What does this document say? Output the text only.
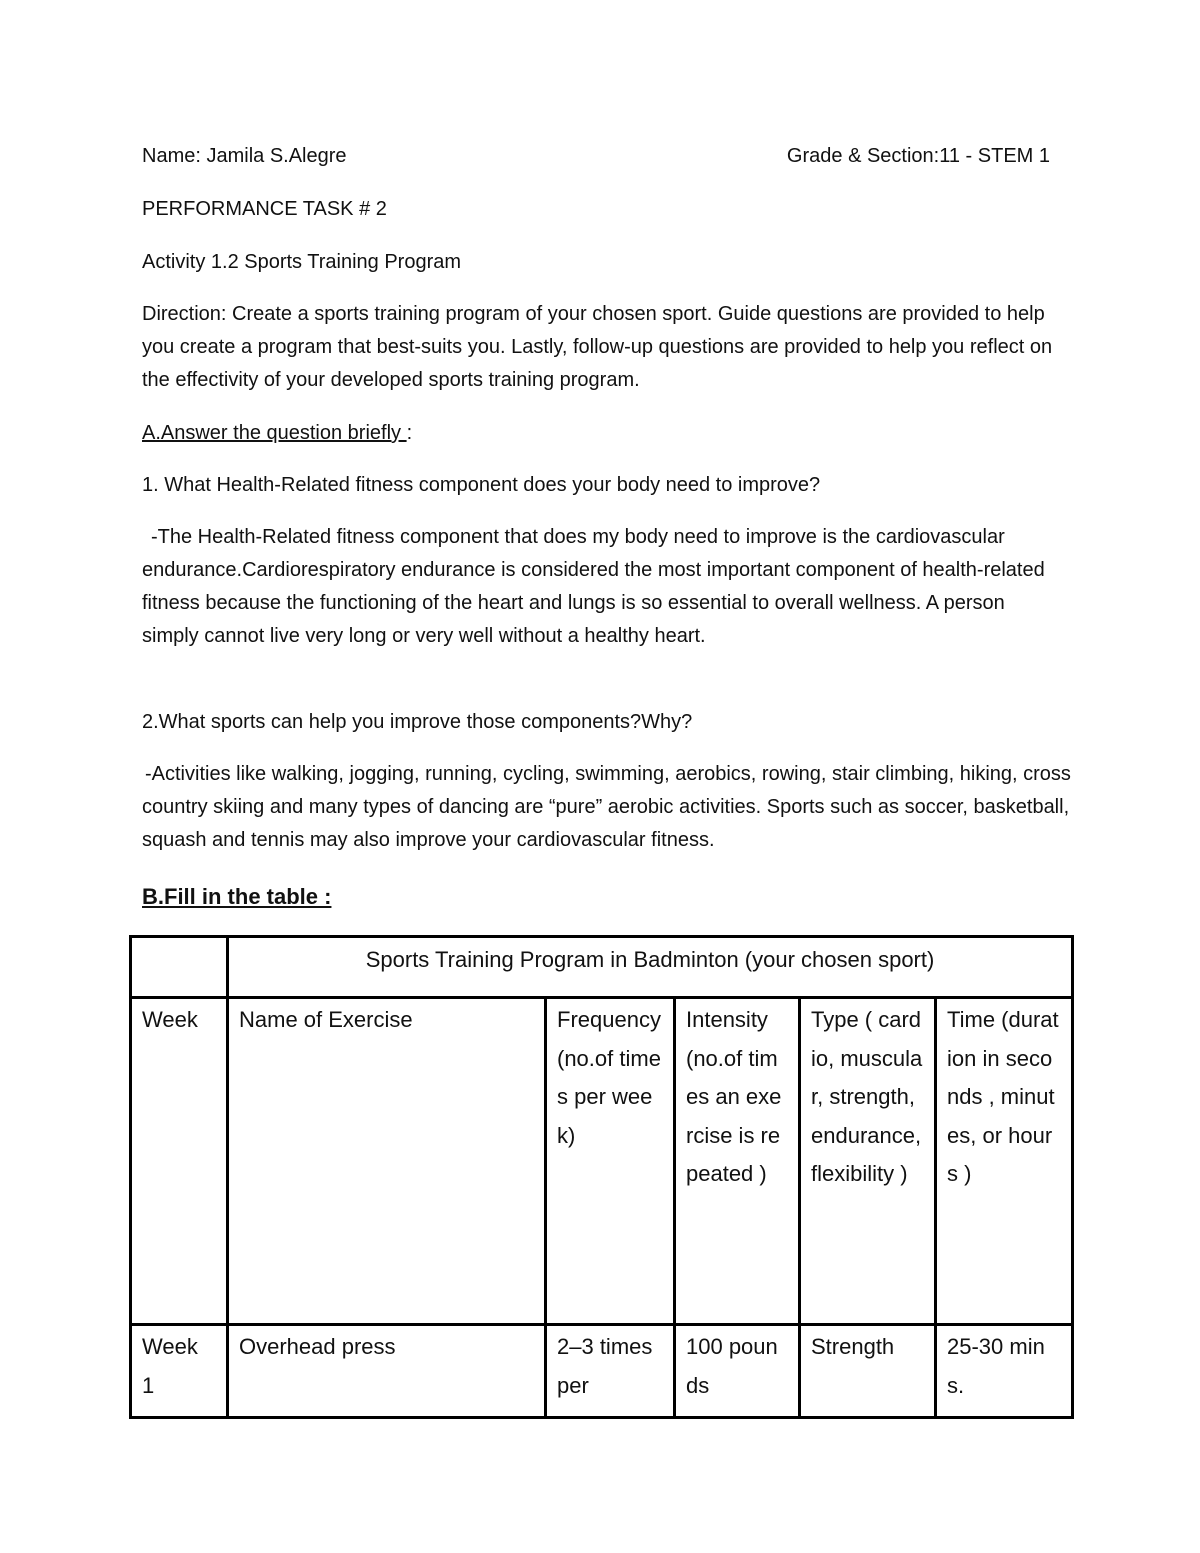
Name: Jamila S.Alegre	Grade & Section:11 - STEM 1
PERFORMANCE TASK # 2
Activity 1.2 Sports Training Program
Direction: Create a sports training program of your chosen sport. Guide questions are provided to help you create a program that best-suits you. Lastly, follow-up questions are provided to help you reflect on the effectivity of your developed sports training program.
A.Answer the question briefly :
1. What Health-Related fitness component does your body need to improve?
-The Health-Related fitness component that does my body need to improve is the cardiovascular endurance.Cardiorespiratory endurance is considered the most important component of health-related fitness because the functioning of the heart and lungs is so essential to overall wellness. A person simply cannot live very long or very well without a healthy heart.
2.What sports can help you improve those components?Why?
-Activities like walking, jogging, running, cycling, swimming, aerobics, rowing, stair climbing, hiking, cross country skiing and many types of dancing are “pure” aerobic activities. Sports such as soccer, basketball, squash and tennis may also improve your cardiovascular fitness.
B.Fill in the table :
	Sports Training Program in Badminton (your chosen sport)				
Week	Name of Exercise	Frequency (no.of times per week)	Intensity (no.of times an exercise is repeated )	Type ( cardio, muscular, strength, endurance, flexibility )	Time (duration in seconds , minutes, or hours )
Week 1	Overhead press	2–3 times per	100 pounds	Strength	25-30 mins.
